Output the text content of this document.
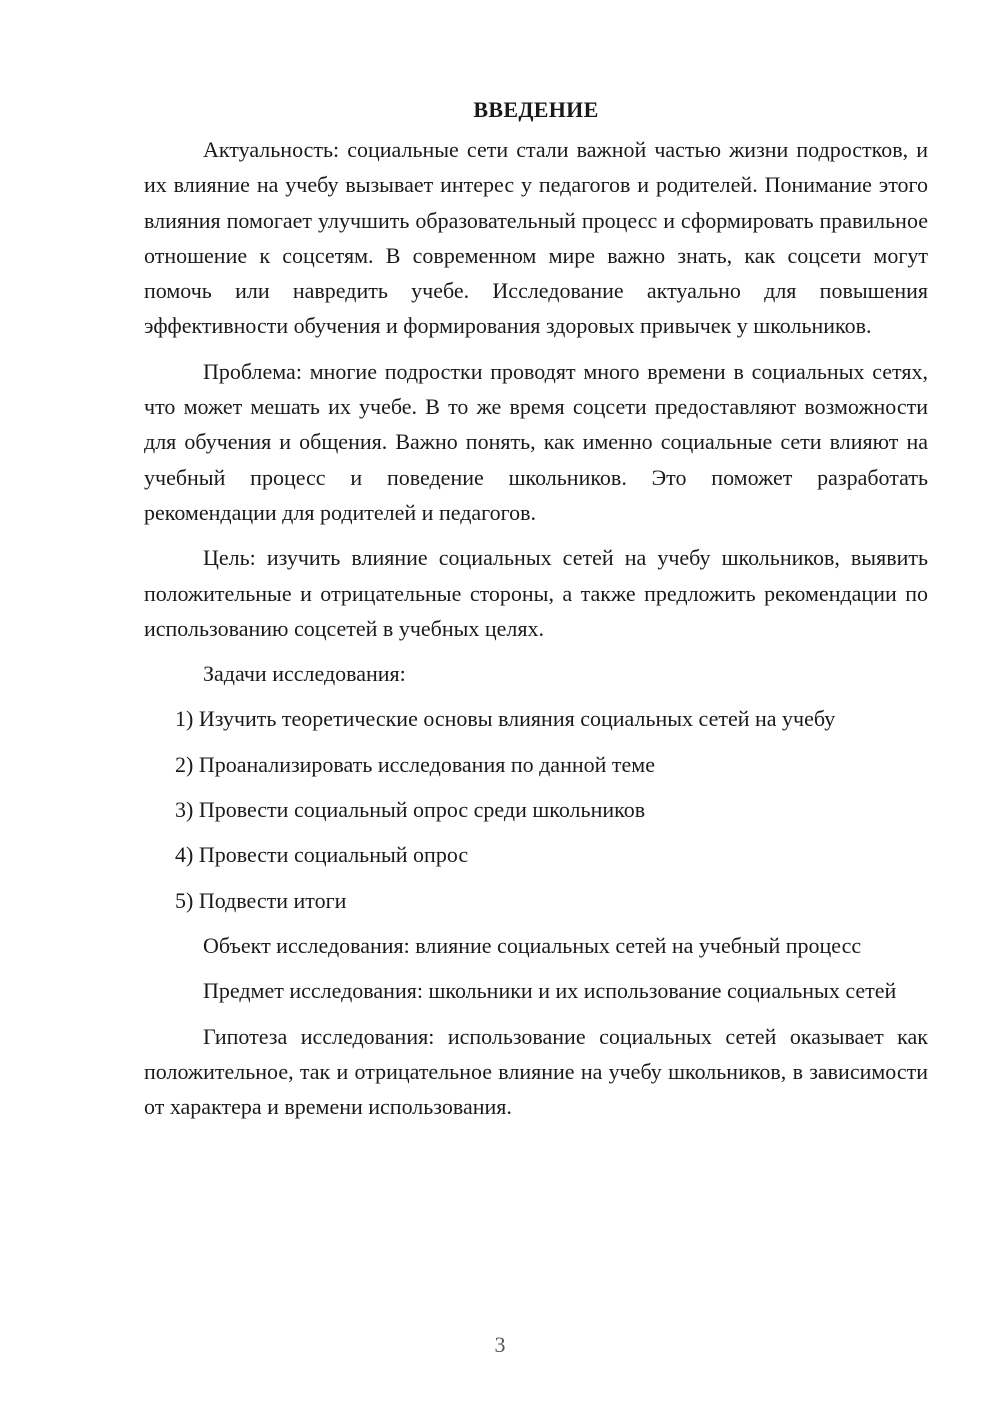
ВВЕДЕНИЕ

Актуальность: социальные сети стали важной частью жизни подростков, и их влияние на учебу вызывает интерес у педагогов и родителей. Понимание этого влияния помогает улучшить образовательный процесс и сформировать правильное отношение к соцсетям. В современном мире важно знать, как соцсети могут помочь или навредить учебе. Исследование актуально для повышения эффективности обучения и формирования здоровых привычек у школьников.

Проблема: многие подростки проводят много времени в социальных сетях, что может мешать их учебе. В то же время соцсети предоставляют возможности для обучения и общения. Важно понять, как именно социальные сети влияют на учебный процесс и поведение школьников. Это поможет разработать рекомендации для родителей и педагогов.

Цель: изучить влияние социальных сетей на учебу школьников, выявить положительные и отрицательные стороны, а также предложить рекомендации по использованию соцсетей в учебных целях.

Задачи исследования:

1) Изучить теоретические основы влияния социальных сетей на учебу

2) Проанализировать исследования по данной теме

3) Провести социальный опрос среди школьников

4) Провести социальный опрос

5) Подвести итоги

Объект исследования: влияние социальных сетей на учебный процесс

Предмет исследования: школьники и их использование социальных сетей

Гипотеза исследования: использование социальных сетей оказывает как положительное, так и отрицательное влияние на учебу школьников, в зависимости от характера и времени использования.

3
